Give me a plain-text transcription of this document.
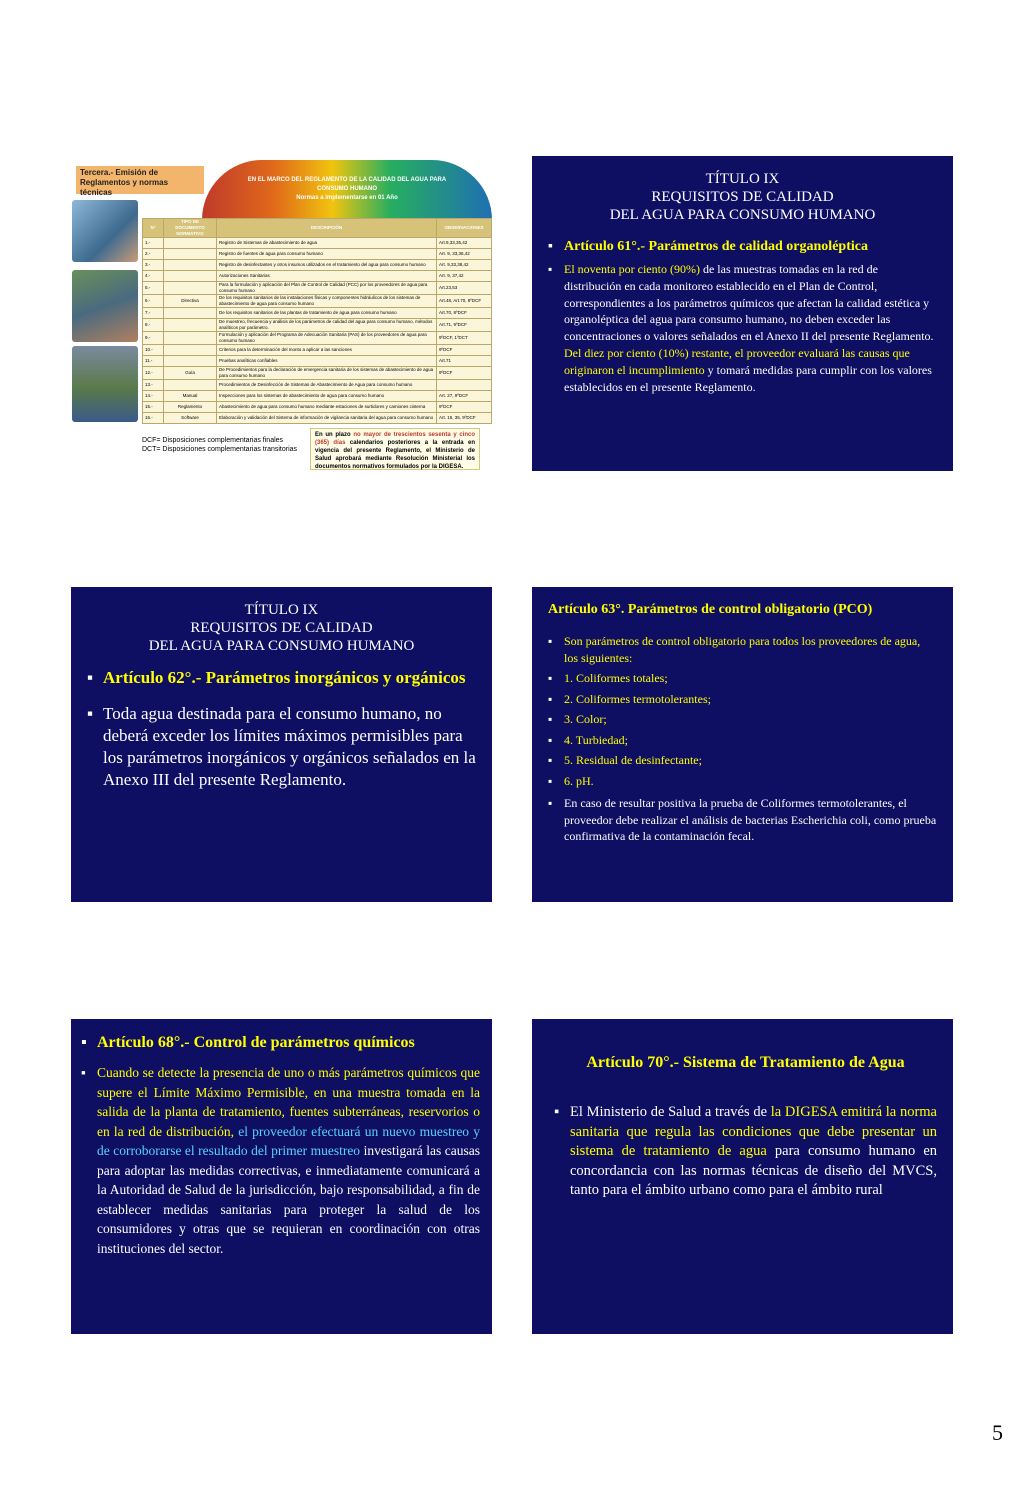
Tercera.- Emisión de Reglamentos y normas técnicas
EN EL MARCO DEL REGLAMENTO DE LA CALIDAD DEL AGUA PARA CONSUMO HUMANO
Normas a implementarse en 01 Año
N°	TIPO DE DOCUMENTO NORMATIVO	DESCRIPCIÓN	OBSERVACIONES
1.-		Registro de Sistemas de abastecimiento de agua	Art.9,33,35,42
2.-		Registro de fuentes de agua para consumo humano	Art. 9, 33,36,42
3.-		Registro de desinfectantes y otros insumos utilizados en el tratamiento del agua para consumo humano	Art. 9,33,38,42
4.-		Autorizaciones Sanitarias	Art. 9, 37,42
5.-		Para la formulación y aplicación del Plan de Control de Calidad (PCC) por los proveedores de agua para consumo humano	Art.23,53
6.-	Directiva	De los requisitos sanitarios de las instalaciones físicas y componentes hidráulicos de los sistemas de abastecimiento de agua para consumo humano	Art.48, Art.70, 8ºDCF
7.-		De los requisitos sanitarios de las plantas de tratamiento de agua para consumo humano	Art.70, 8ºDCF
8.-		De muestreo, frecuencia y análisis de los parámetros de calidad del agua para consumo humano, métodos analíticos por parámetro.	Art.71, 9ºDCF
9.-		Formulación y aplicación del Programa de Adecuación Sanitaria (PAS) de los proveedores de agua para consumo humano	9ºDCF, 1ºDCT
10.-		Criterios para la determinación del monto a aplicar a las sanciones	9ºDCF
11.-		Pruebas analíticas confiables	Art.71
12.-	Guía	De Procedimientos para la declaración de emergencia sanitaria de los sistemas de abastecimiento de agua para consumo humano	9ºDCF
13.-		Procedimientos de Desinfección de Sistemas de Abastecimiento de Agua para consumo humano	
14.-	Manual	Inspecciones para los sistemas de abastecimiento de agua para consumo humano	Art. 27, 9ºDCF
15.-	Reglamento	Abastecimiento de agua para consumo humano mediante estaciones de surtidores y camiones cisterna	9ºDCF
16.-	Software	Elaboración y validación del Sistema de información de vigilancia sanitaria del agua para consumo humano	Art. 15, 35, 9ºDCF
DCF= Disposiciones complementarias finales
DCT= Disposiciones complementarias transitorias
En un plazo no mayor de trescientos sesenta y cinco (365) días calendarios posteriores a la entrada en vigencia del presente Reglamento, el Ministerio de Salud aprobará mediante Resolución Ministerial los documentos normativos formulados por la DIGESA.
TÍTULO IX
REQUISITOS DE CALIDAD
DEL AGUA PARA CONSUMO HUMANO
▪ Artículo 61°.- Parámetros de calidad organoléptica
▪ El noventa por ciento (90%) de las muestras tomadas en la red de distribución en cada monitoreo establecido en el Plan de Control, correspondientes a los parámetros químicos que afectan la calidad estética y organoléptica del agua para consumo humano, no deben exceder las concentraciones o valores señalados en el Anexo II del presente Reglamento. Del diez por ciento (10%) restante, el proveedor evaluará las causas que originaron el incumplimiento y tomará medidas para cumplir con los valores establecidos en el presente Reglamento.
TÍTULO IX
REQUISITOS DE CALIDAD
DEL AGUA PARA CONSUMO HUMANO
▪ Artículo 62°.- Parámetros inorgánicos y orgánicos
▪ Toda agua destinada para el consumo humano, no deberá exceder los límites máximos permisibles para los parámetros inorgánicos y orgánicos señalados en la Anexo III del presente Reglamento.
Artículo 63°. Parámetros de control obligatorio (PCO)
▪ Son parámetros de control obligatorio para todos los proveedores de agua, los siguientes:
▪ 1. Coliformes totales;
▪ 2. Coliformes termotolerantes;
▪ 3. Color;
▪ 4. Turbiedad;
▪ 5. Residual de desinfectante;
▪ 6. pH.
▪ En caso de resultar positiva la prueba de Coliformes termotolerantes, el proveedor debe realizar el análisis de bacterias Escherichia coli, como prueba confirmativa de la contaminación fecal.
▪ Artículo 68°.- Control de parámetros químicos
▪ Cuando se detecte la presencia de uno o más parámetros químicos que supere el Límite Máximo Permisible, en una muestra tomada en la salida de la planta de tratamiento, fuentes subterráneas, reservorios o en la red de distribución, el proveedor efectuará un nuevo muestreo y de corroborarse el resultado del primer muestreo investigará las causas para adoptar las medidas correctivas, e inmediatamente comunicará a la Autoridad de Salud de la jurisdicción, bajo responsabilidad, a fin de establecer medidas sanitarias para proteger la salud de los consumidores y otras que se requieran en coordinación con otras instituciones del sector.
Artículo 70°.- Sistema de Tratamiento de Agua
▪ El Ministerio de Salud a través de la DIGESA emitirá la norma sanitaria que regula las condiciones que debe presentar un sistema de tratamiento de agua para consumo humano en concordancia con las normas técnicas de diseño del MVCS, tanto para el ámbito urbano como para el ámbito rural
5
